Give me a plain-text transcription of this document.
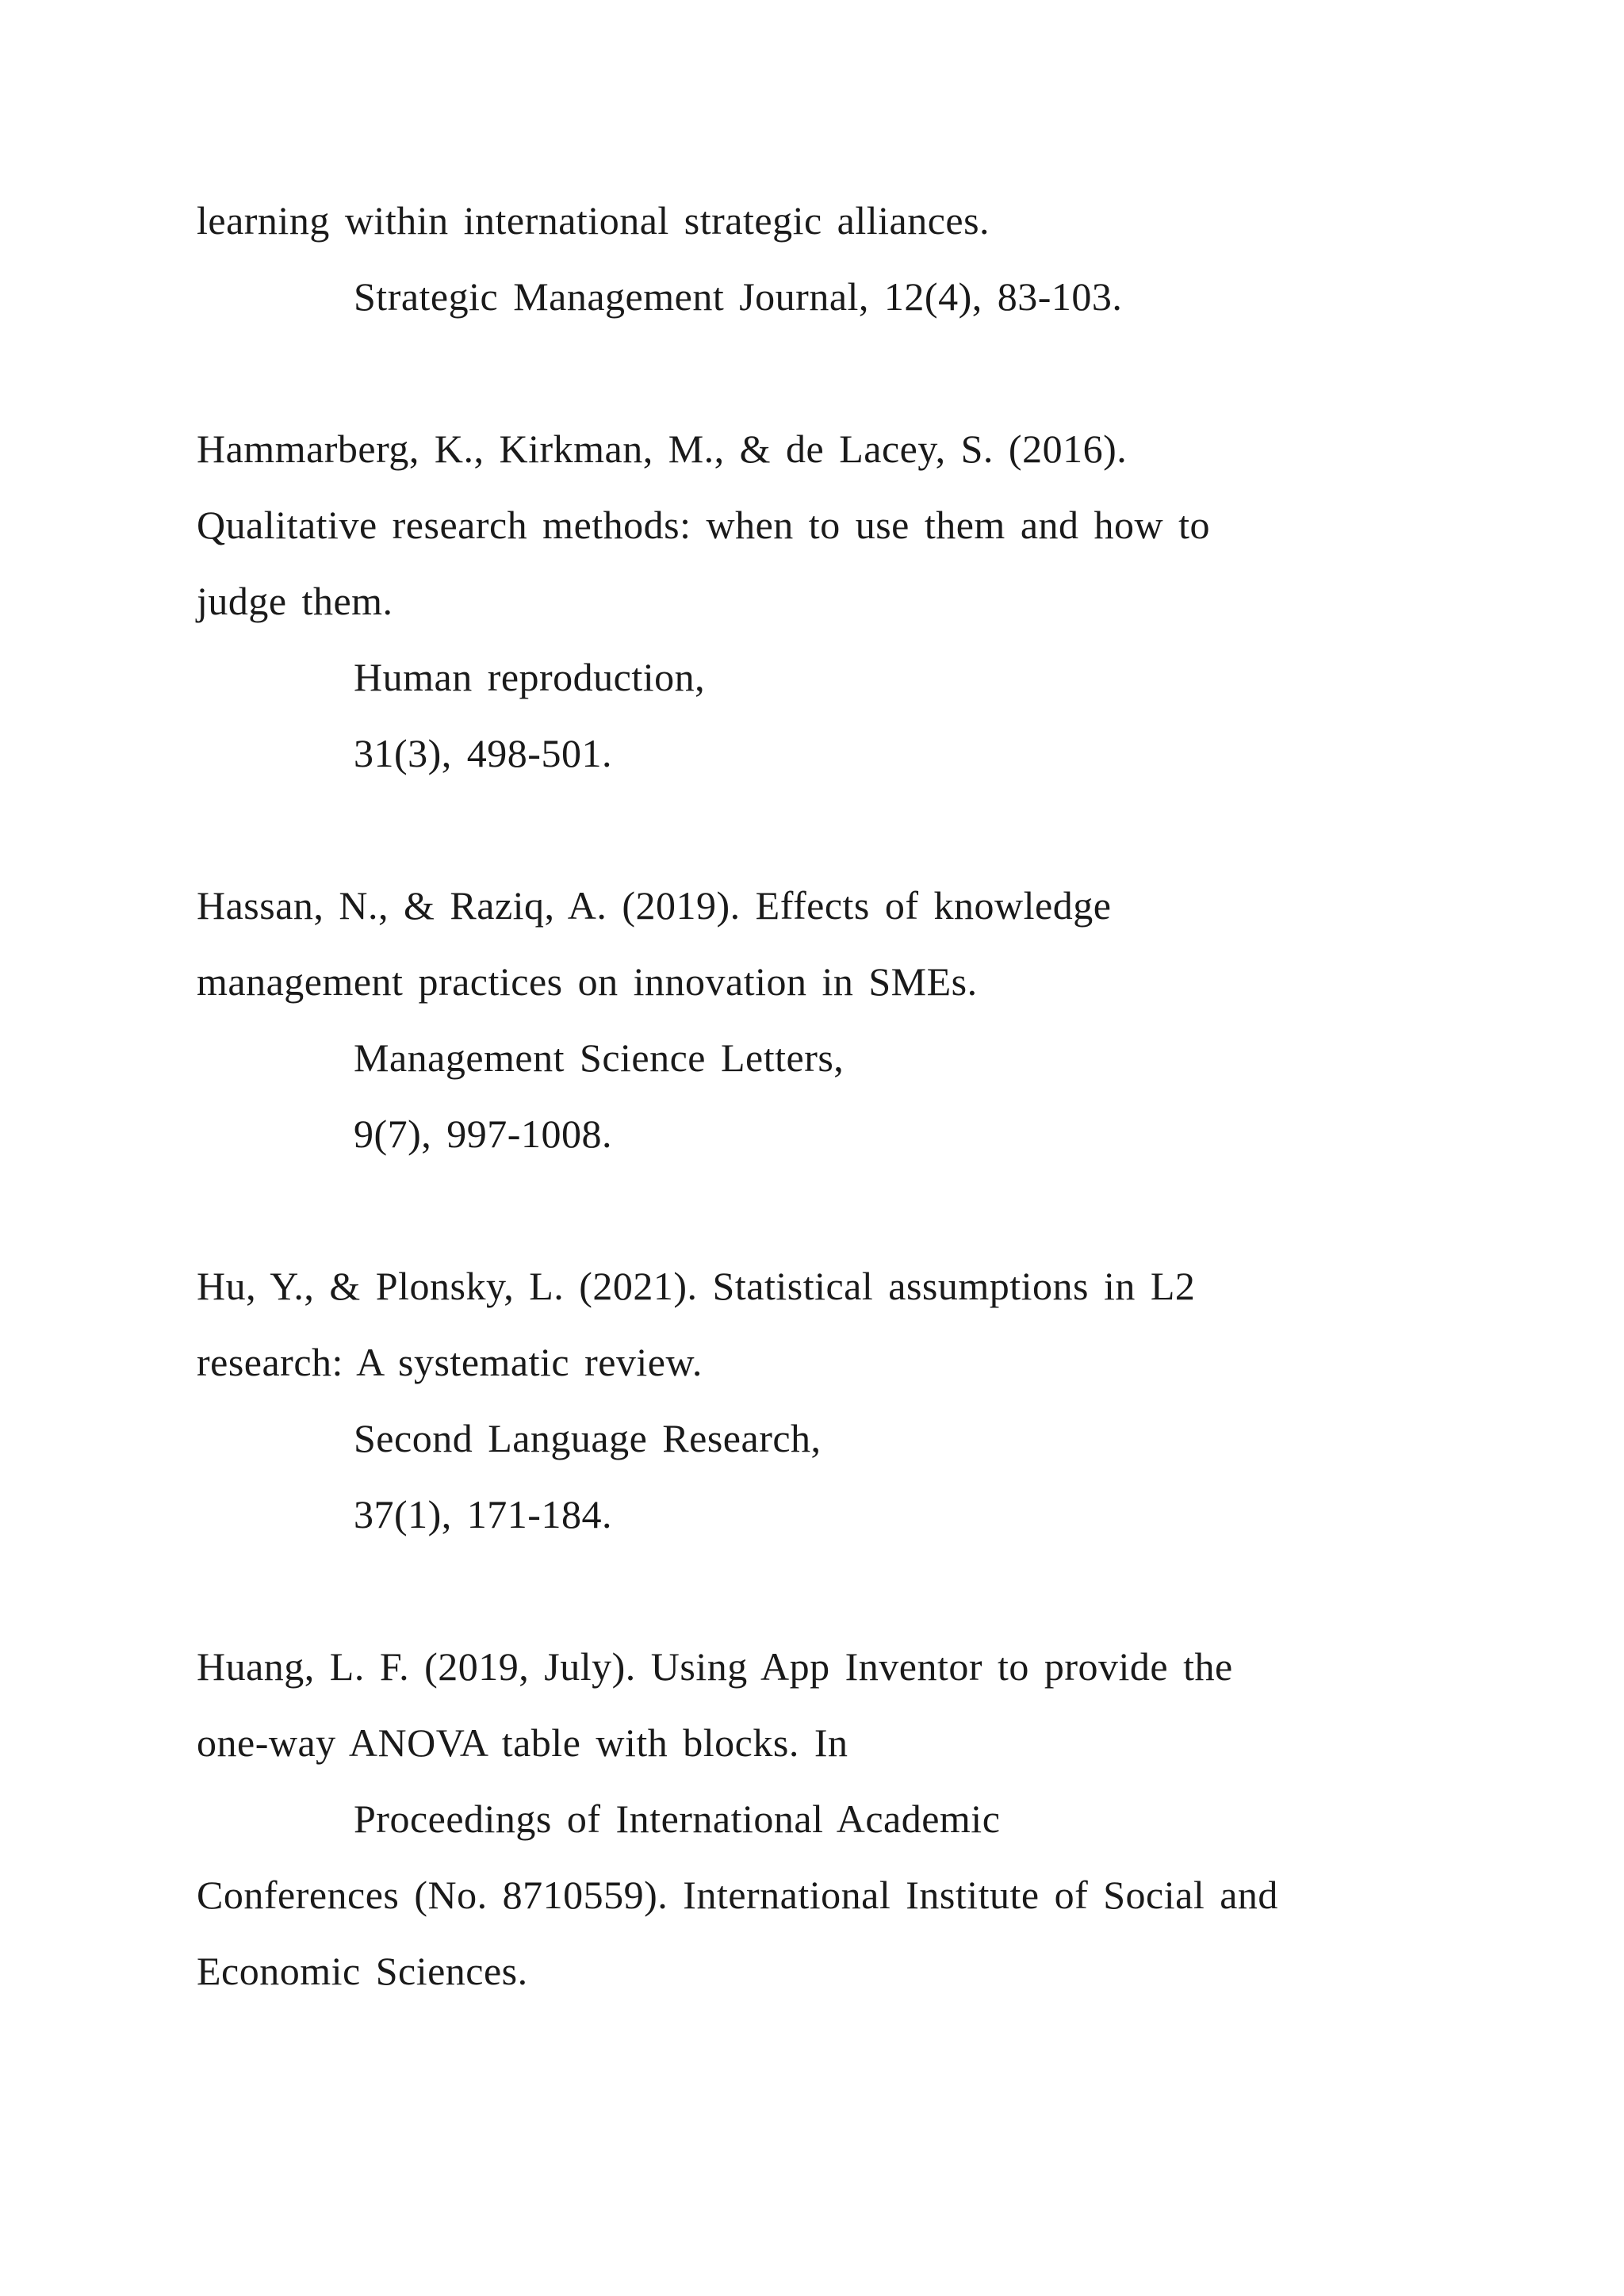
learning within international strategic alliances.
Strategic Management Journal, 12(4), 83-103.
Hammarberg, K., Kirkman, M., & de Lacey, S. (2016).
Qualitative research methods: when to use them and how to
judge them.
Human reproduction,
31(3), 498-501.
Hassan, N., & Raziq, A. (2019). Effects of knowledge
management practices on innovation in SMEs.
Management Science Letters,
9(7), 997-1008.
Hu, Y., & Plonsky, L. (2021). Statistical assumptions in L2
research: A systematic review.
Second Language Research,
37(1), 171-184.
Huang, L. F. (2019, July). Using App Inventor to provide the
one-way ANOVA table with blocks. In
Proceedings of International Academic
Conferences (No. 8710559). International Institute of Social and
Economic Sciences.
